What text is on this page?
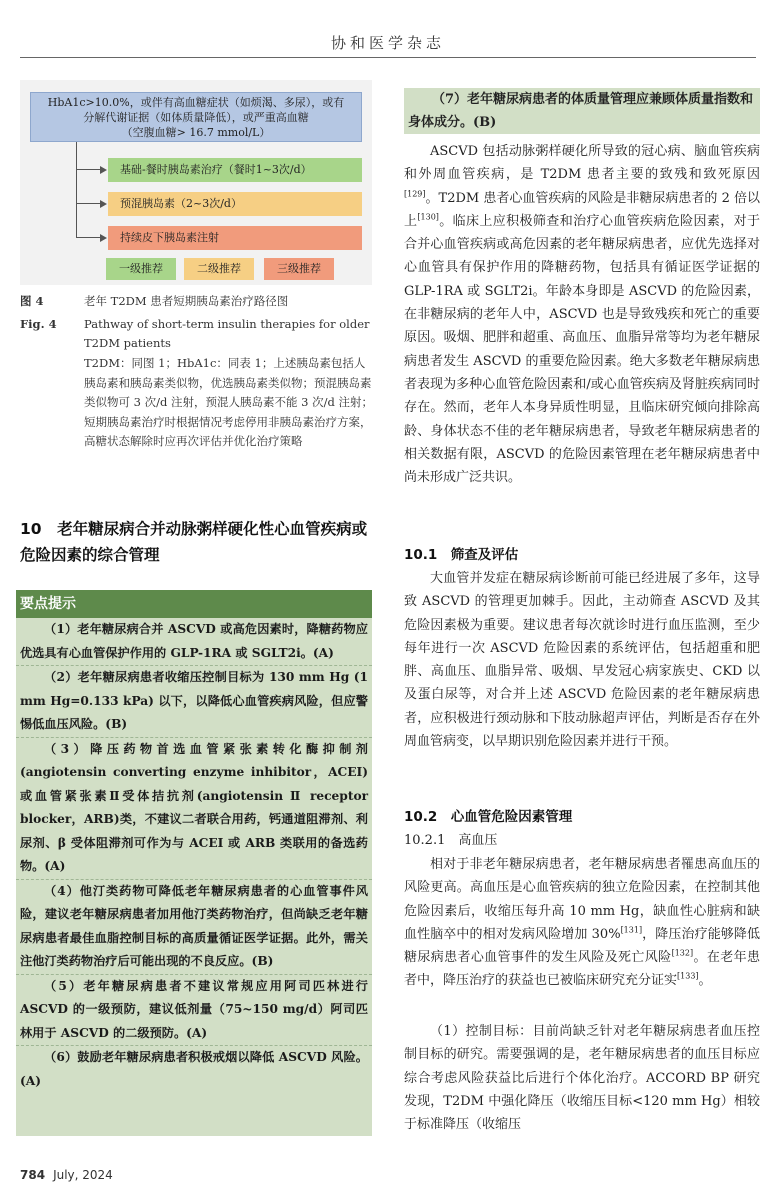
协和医学杂志
HbA1c>10.0%，或伴有高血糖症状（如烦渴、多尿），或有
分解代谢证据（如体质量降低），或严重高血糖
（空腹血糖> 16.7 mmol/L）
基础-餐时胰岛素治疗（餐时1~3次/d）
预混胰岛素（2~3次/d）
持续皮下胰岛素注射
一级推荐	二级推荐	三级推荐
图 4	老年 T2DM 患者短期胰岛素治疗路径图
Fig. 4 Pathway of short-term insulin therapies for older T2DM patients
T2DM：同图 1；HbA1c：同表 1；上述胰岛素包括人胰岛素和胰岛素类似物，优选胰岛素类似物；预混胰岛素类似物可 3 次/d 注射，预混人胰岛素不能 3 次/d 注射；短期胰岛素治疗时根据情况考虑停用非胰岛素治疗方案，高糖状态解除时应再次评估并优化治疗策略
10　老年糖尿病合并动脉粥样硬化性心血管疾病或危险因素的综合管理
要点提示
（1）老年糖尿病合并 ASCVD 或高危因素时，降糖药物应优选具有心血管保护作用的 GLP-1RA 或 SGLT2i。(A)
（2）老年糖尿病患者收缩压控制目标为 130 mm Hg (1 mm Hg=0.133 kPa) 以下，以降低心血管疾病风险，但应警惕低血压风险。(B)
（3）降压药物首选血管紧张素转化酶抑制剂(angiotensin converting enzyme inhibitor，ACEI)或血管紧张素Ⅱ受体拮抗剂(angiotensin Ⅱ receptor blocker，ARB)类，不建议二者联合用药，钙通道阻滞剂、利尿剂、β 受体阻滞剂可作为与 ACEI 或 ARB 类联用的备选药物。(A)
（4）他汀类药物可降低老年糖尿病患者的心血管事件风险，建议老年糖尿病患者加用他汀类药物治疗，但尚缺乏老年糖尿病患者最佳血脂控制目标的高质量循证医学证据。此外，需关注他汀类药物治疗后可能出现的不良反应。(B)
（5）老年糖尿病患者不建议常规应用阿司匹林进行 ASCVD 的一级预防，建议低剂量（75~150 mg/d）阿司匹林用于 ASCVD 的二级预防。(A)
（6）鼓励老年糖尿病患者积极戒烟以降低 ASCVD 风险。(A)
（7）老年糖尿病患者的体质量管理应兼顾体质量指数和身体成分。(B)
ASCVD 包括动脉粥样硬化所导致的冠心病、脑血管疾病和外周血管疾病，是 T2DM 患者主要的致残和致死原因[129]。T2DM 患者心血管疾病的风险是非糖尿病患者的 2 倍以上[130]。临床上应积极筛查和治疗心血管疾病危险因素，对于合并心血管疾病或高危因素的老年糖尿病患者，应优先选择对心血管具有保护作用的降糖药物，包括具有循证医学证据的 GLP-1RA 或 SGLT2i。年龄本身即是 ASCVD 的危险因素，在非糖尿病的老年人中，ASCVD 也是导致残疾和死亡的重要原因。吸烟、肥胖和超重、高血压、血脂异常等均为老年糖尿病患者发生 ASCVD 的重要危险因素。绝大多数老年糖尿病患者表现为多种心血管危险因素和/或心血管疾病及肾脏疾病同时存在。然而，老年人本身异质性明显，且临床研究倾向排除高龄、身体状态不佳的老年糖尿病患者，导致老年糖尿病患者的相关数据有限，ASCVD 的危险因素管理在老年糖尿病患者中尚未形成广泛共识。
10.1　筛查及评估
大血管并发症在糖尿病诊断前可能已经进展了多年，这导致 ASCVD 的管理更加棘手。因此，主动筛查 ASCVD 及其危险因素极为重要。建议患者每次就诊时进行血压监测，至少每年进行一次 ASCVD 危险因素的系统评估，包括超重和肥胖、高血压、血脂异常、吸烟、早发冠心病家族史、CKD 以及蛋白尿等，对合并上述 ASCVD 危险因素的老年糖尿病患者，应积极进行颈动脉和下肢动脉超声评估，判断是否存在外周血管病变，以早期识别危险因素并进行干预。
10.2　心血管危险因素管理
10.2.1　高血压
相对于非老年糖尿病患者，老年糖尿病患者罹患高血压的风险更高。高血压是心血管疾病的独立危险因素，在控制其他危险因素后，收缩压每升高 10 mm Hg，缺血性心脏病和缺血性脑卒中的相对发病风险增加 30%[131]，降压治疗能够降低糖尿病患者心血管事件的发生风险及死亡风险[132]。在老年患者中，降压治疗的获益也已被临床研究充分证实[133]。
（1）控制目标：目前尚缺乏针对老年糖尿病患者血压控制目标的研究。需要强调的是，老年糖尿病患者的血压目标应综合考虑风险获益比后进行个体化治疗。ACCORD BP 研究发现，T2DM 中强化降压（收缩压目标<120 mm Hg）相较于标准降压（收缩压
784 July, 2024
